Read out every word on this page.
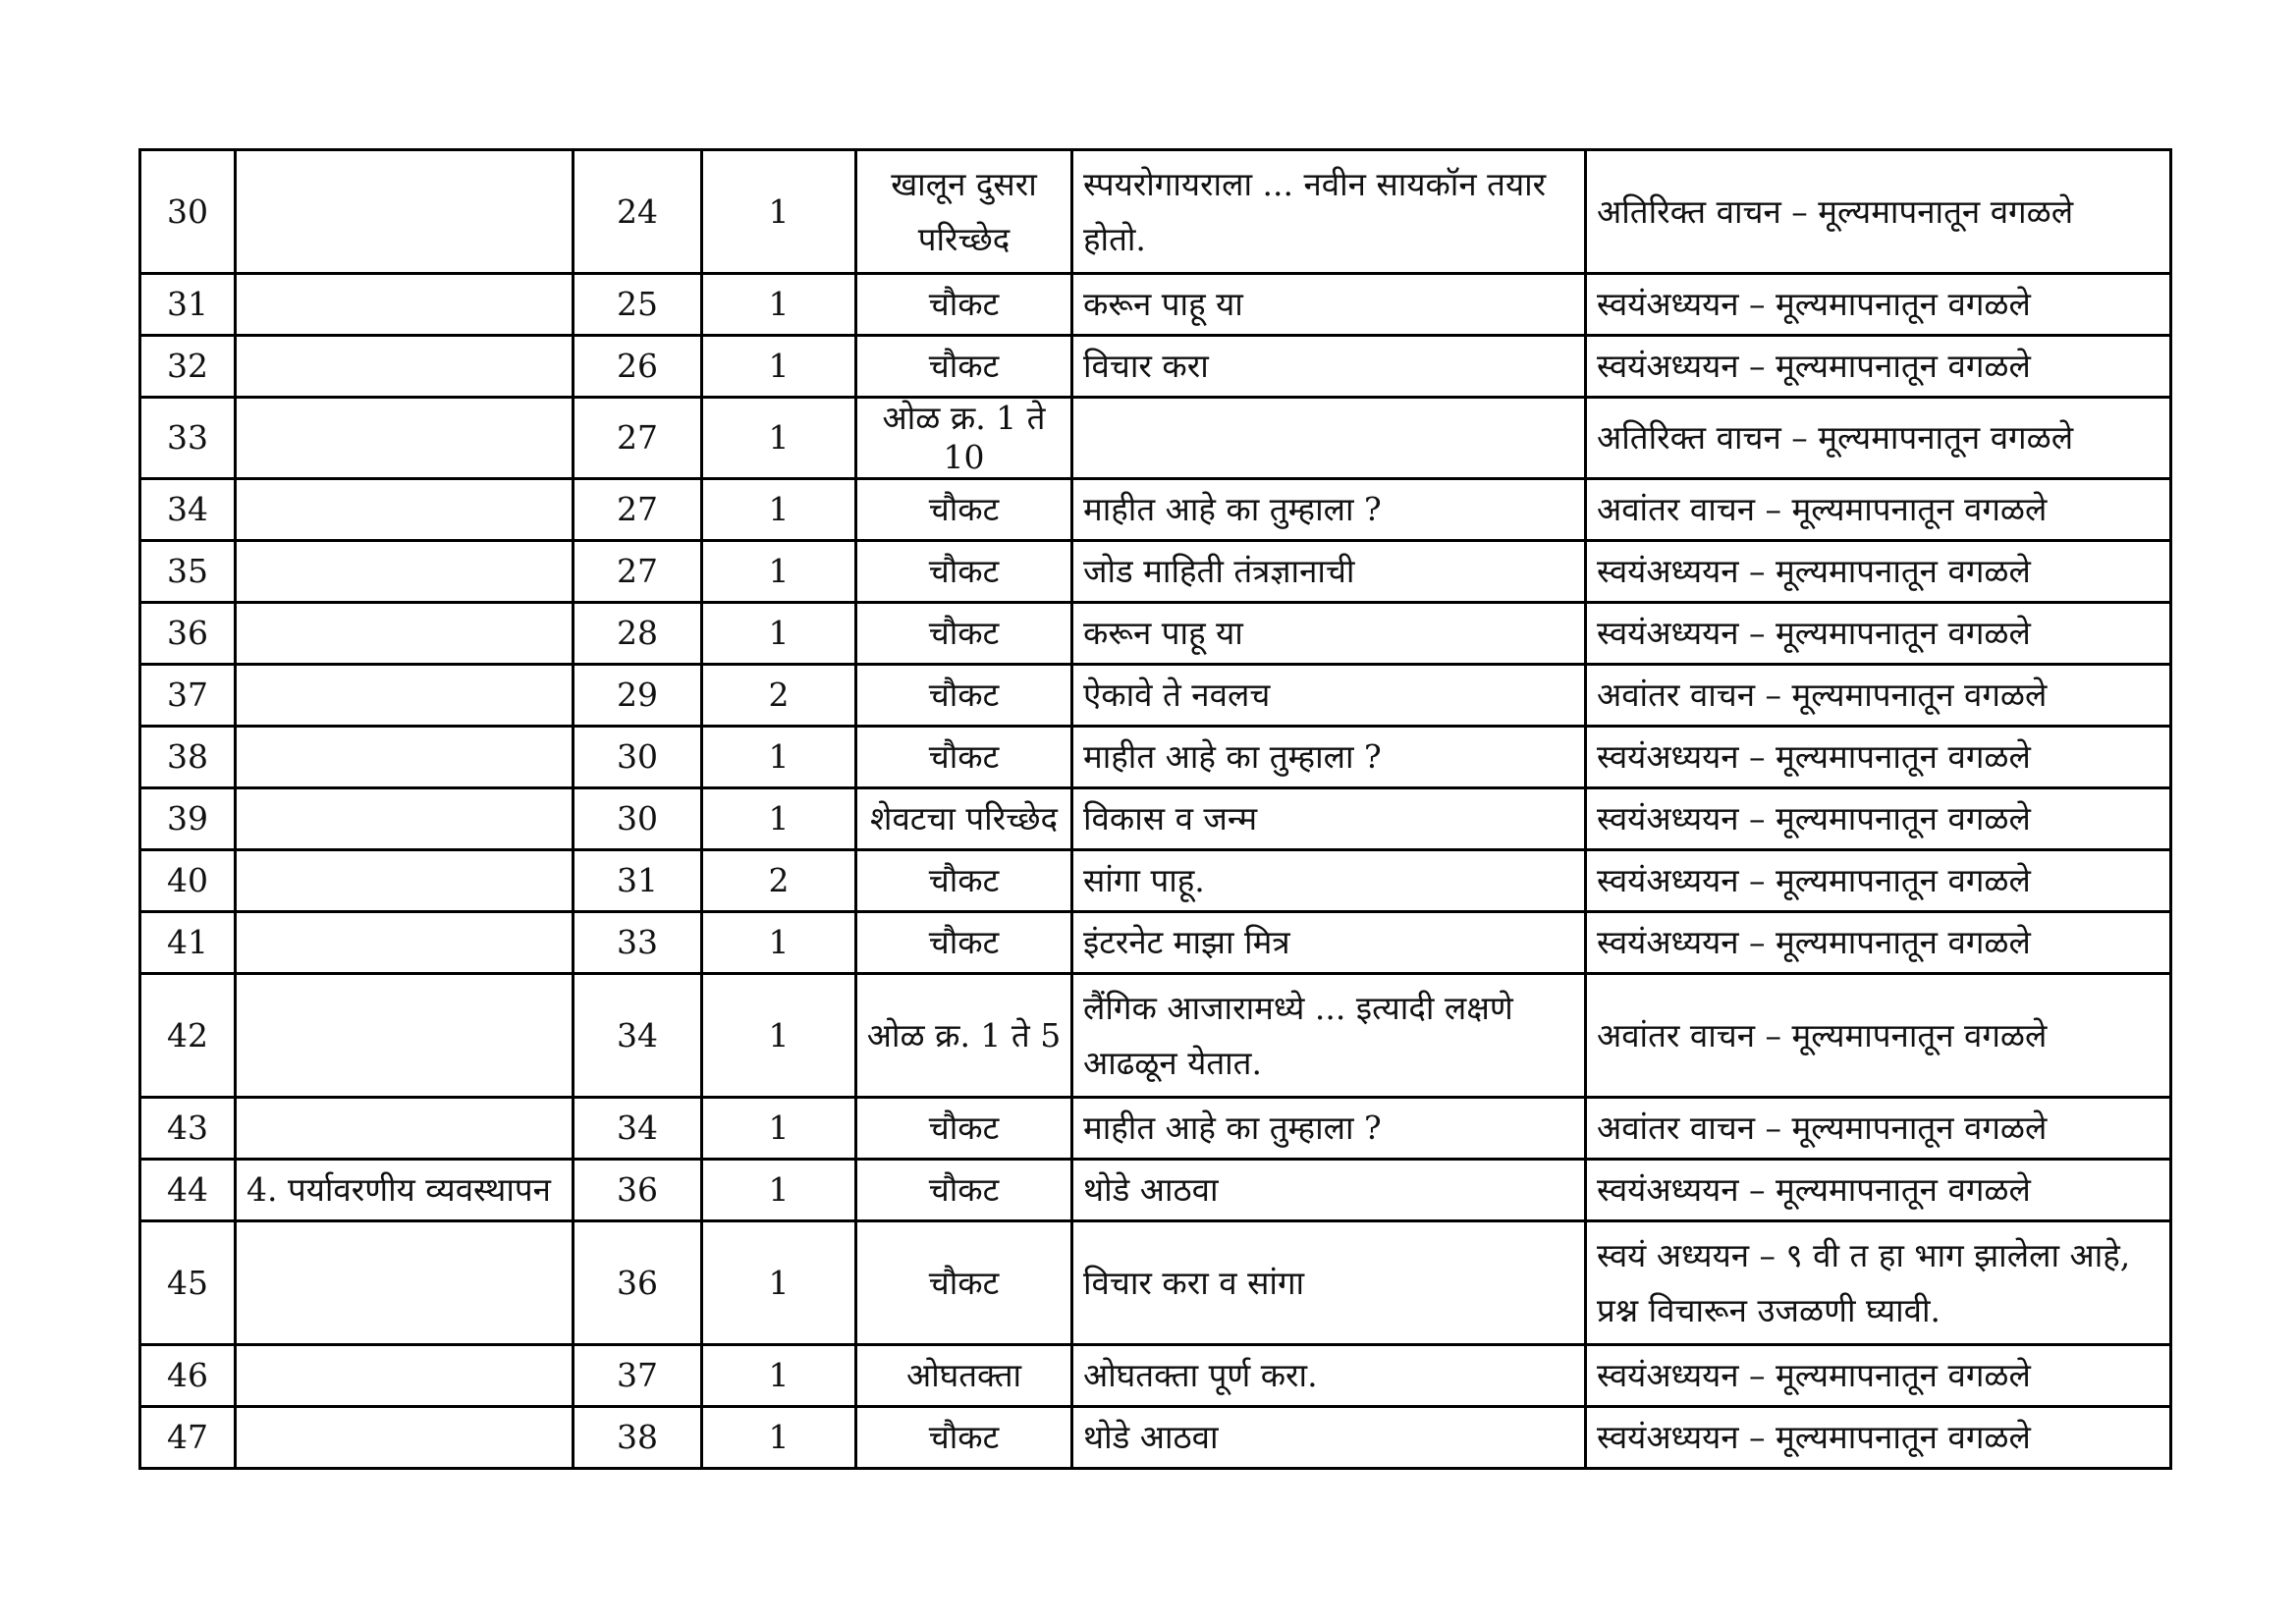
30		24	1	खालून दुसरा परिच्छेद	स्पयरोगायराला ... नवीन सायकॉन तयार होतो.	अतिरिक्त वाचन – मूल्यमापनातून वगळले
31		25	1	चौकट	करून पाहू या	स्वयंअध्ययन – मूल्यमापनातून वगळले
32		26	1	चौकट	विचार करा	स्वयंअध्ययन – मूल्यमापनातून वगळले
33		27	1	ओळ क्र. 1 ते 10		अतिरिक्त वाचन – मूल्यमापनातून वगळले
34		27	1	चौकट	माहीत आहे का तुम्हाला ?	अवांतर वाचन – मूल्यमापनातून वगळले
35		27	1	चौकट	जोड माहिती तंत्रज्ञानाची	स्वयंअध्ययन – मूल्यमापनातून वगळले
36		28	1	चौकट	करून पाहू या	स्वयंअध्ययन – मूल्यमापनातून वगळले
37		29	2	चौकट	ऐकावे ते नवलच	अवांतर वाचन – मूल्यमापनातून वगळले
38		30	1	चौकट	माहीत आहे का तुम्हाला ?	स्वयंअध्ययन – मूल्यमापनातून वगळले
39		30	1	शेवटचा परिच्छेद	विकास व जन्म	स्वयंअध्ययन – मूल्यमापनातून वगळले
40		31	2	चौकट	सांगा पाहू.	स्वयंअध्ययन – मूल्यमापनातून वगळले
41		33	1	चौकट	इंटरनेट माझा मित्र	स्वयंअध्ययन – मूल्यमापनातून वगळले
42		34	1	ओळ क्र. 1 ते 5	लैंगिक आजारामध्ये ... इत्यादी लक्षणे आढळून येतात.	अवांतर वाचन – मूल्यमापनातून वगळले
43		34	1	चौकट	माहीत आहे का तुम्हाला ?	अवांतर वाचन – मूल्यमापनातून वगळले
44	4. पर्यावरणीय व्यवस्थापन	36	1	चौकट	थोडे आठवा	स्वयंअध्ययन – मूल्यमापनातून वगळले
45		36	1	चौकट	विचार करा व सांगा	स्वयं अध्ययन – ९ वी त हा भाग झालेला आहे, प्रश्न विचारून उजळणी घ्यावी.
46		37	1	ओघतक्ता	ओघतक्ता पूर्ण करा.	स्वयंअध्ययन – मूल्यमापनातून वगळले
47		38	1	चौकट	थोडे आठवा	स्वयंअध्ययन – मूल्यमापनातून वगळले
